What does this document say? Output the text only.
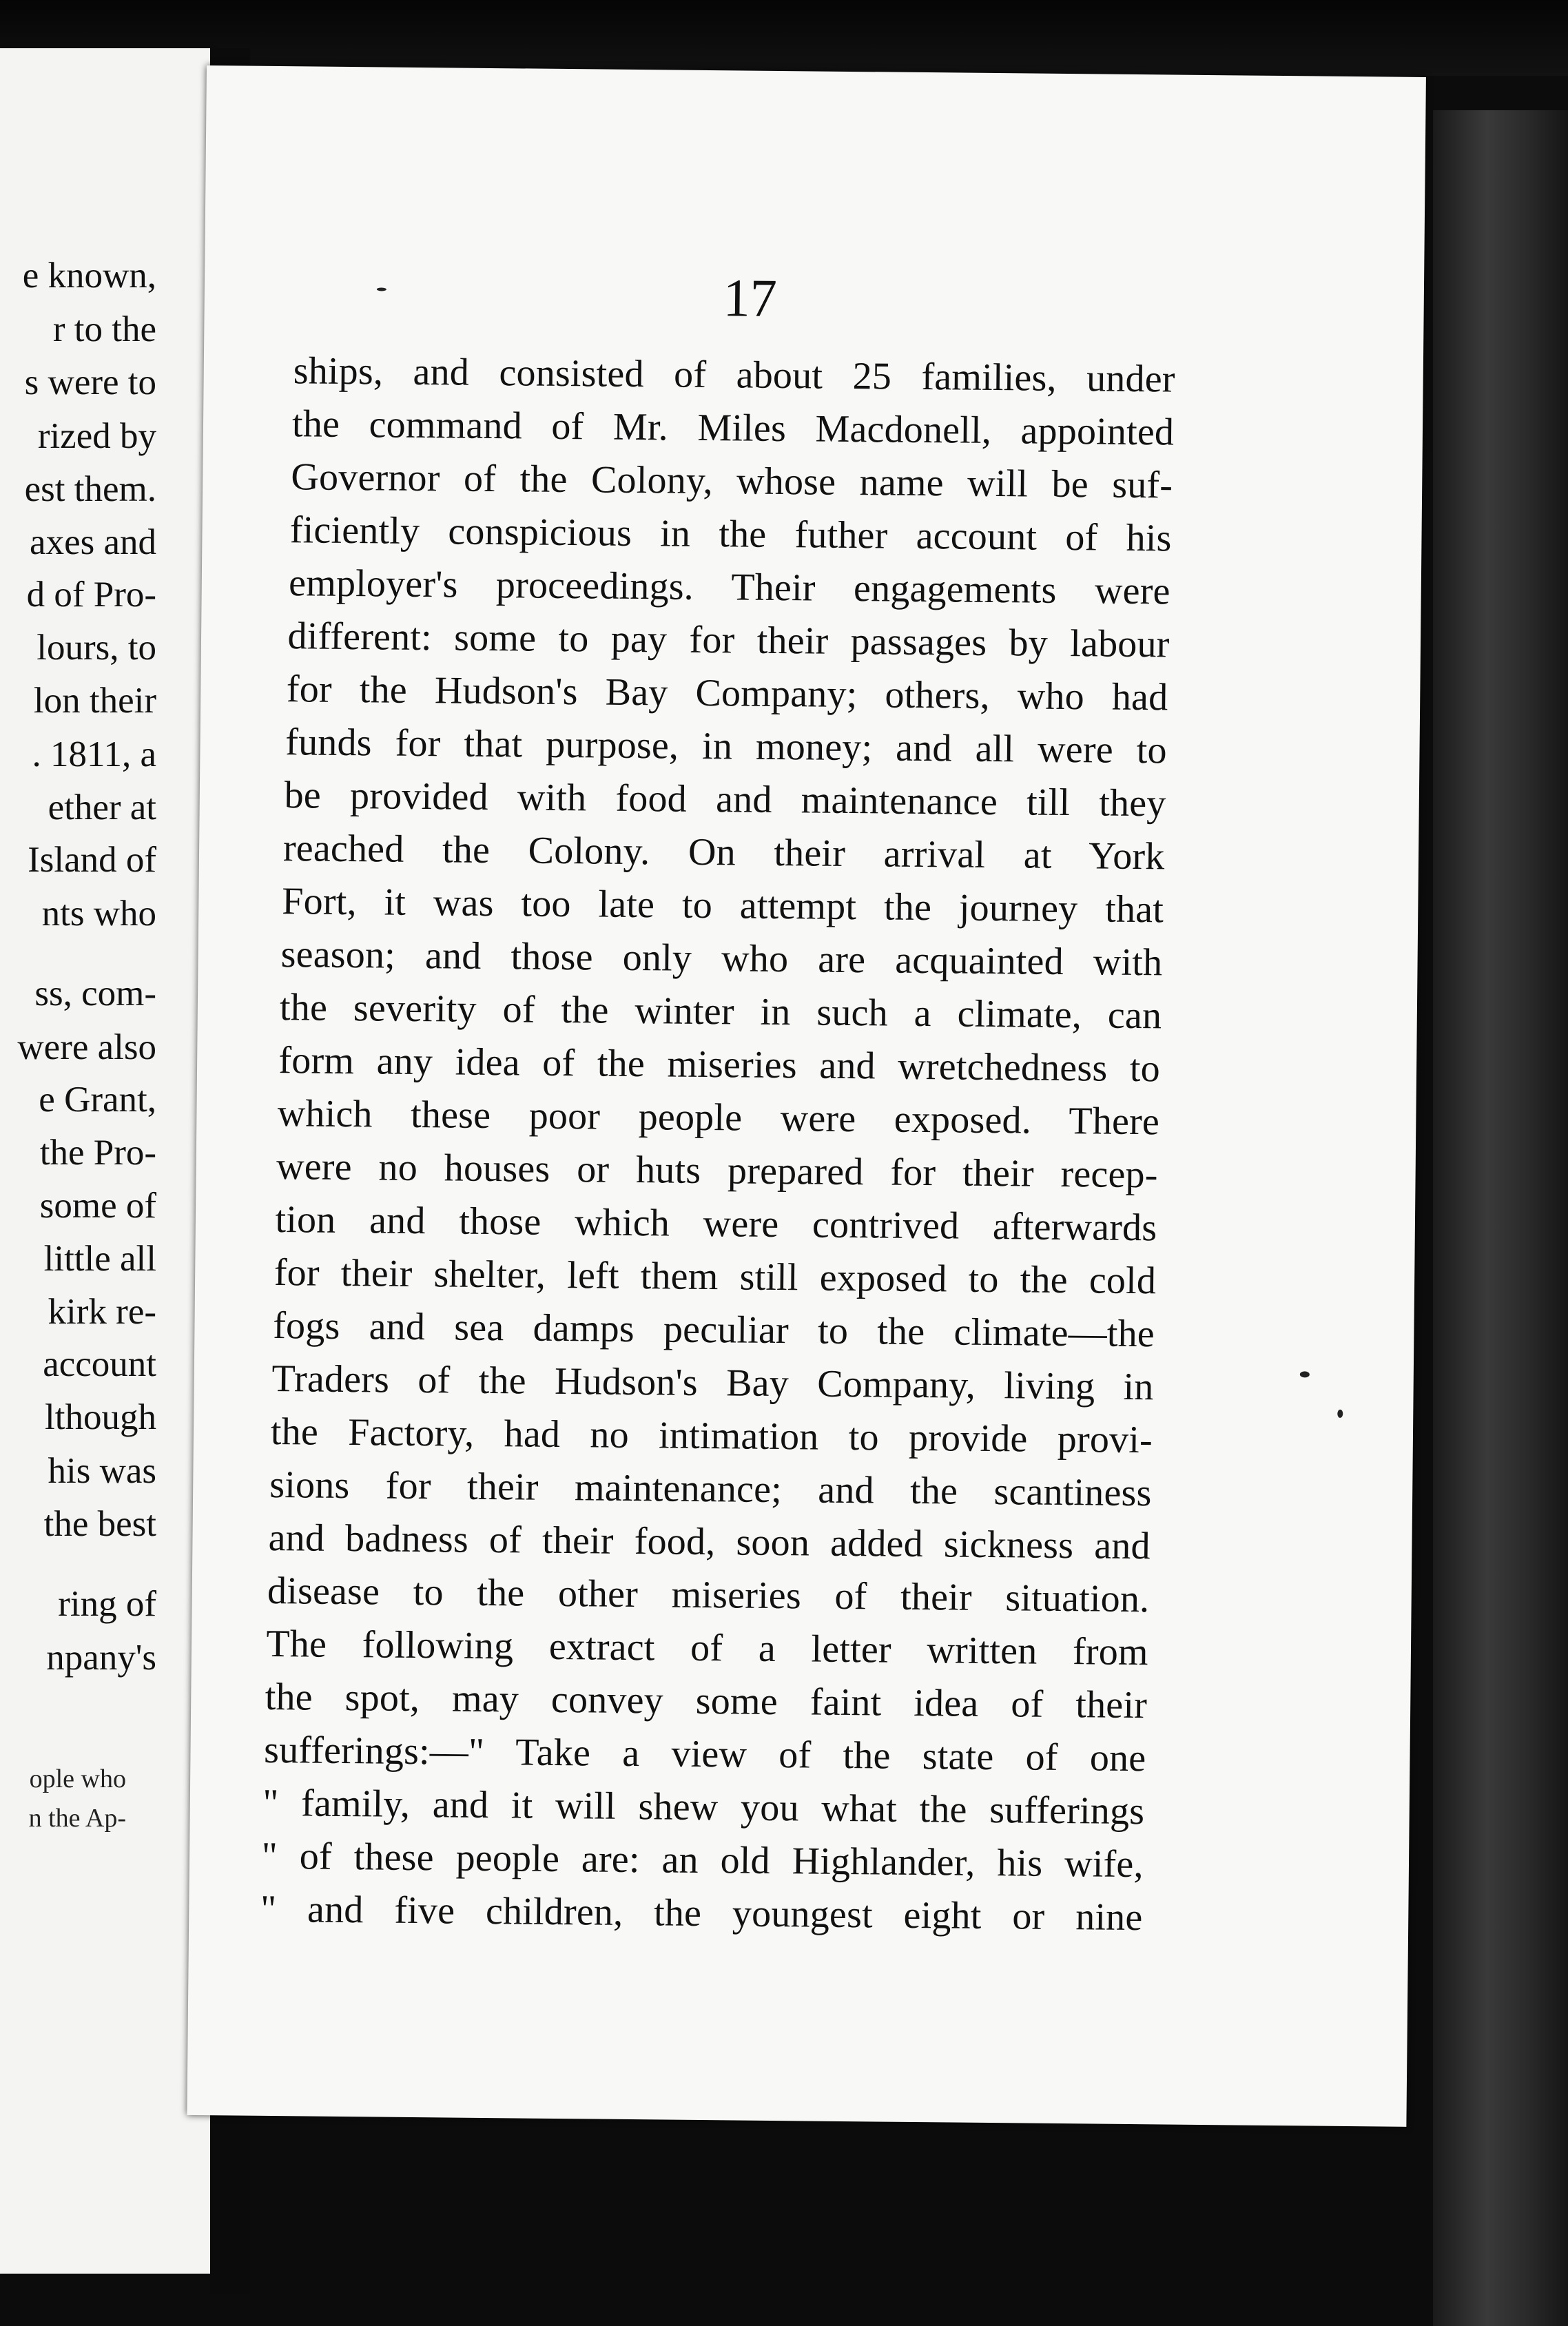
e known,
r to the
s were to
rized by
est them.
axes and
d of Pro-
lours, to
lon their
. 1811, a
ether at
Island of
nts who
ss, com-
were also
e Grant,
the Pro-
some of
little all
kirk re-
account
lthough
his was
the best
ring of
npany's
ople who
n the Ap-
17
ships, and consisted of about 25 families, under
the command of Mr. Miles Macdonell, appointed
Governor of the Colony, whose name will be suf-
ficiently conspicious in the futher account of his
employer's proceedings. Their engagements were
different: some to pay for their passages by labour
for the Hudson's Bay Company; others, who had
funds for that purpose, in money; and all were to
be provided with food and maintenance till they
reached the Colony. On their arrival at York
Fort, it was too late to attempt the journey that
season; and those only who are acquainted with
the severity of the winter in such a climate, can
form any idea of the miseries and wretchedness to
which these poor people were exposed. There
were no houses or huts prepared for their recep-
tion and those which were contrived afterwards
for their shelter, left them still exposed to the cold
fogs and sea damps peculiar to the climate—the
Traders of the Hudson's Bay Company, living in
the Factory, had no intimation to provide provi-
sions for their maintenance; and the scantiness
and badness of their food, soon added sickness and
disease to the other miseries of their situation.
The following extract of a letter written from
the spot, may convey some faint idea of their
sufferings:—" Take a view of the state of one
" family, and it will shew you what the sufferings
" of these people are: an old Highlander, his wife,
" and five children, the youngest eight or nine
